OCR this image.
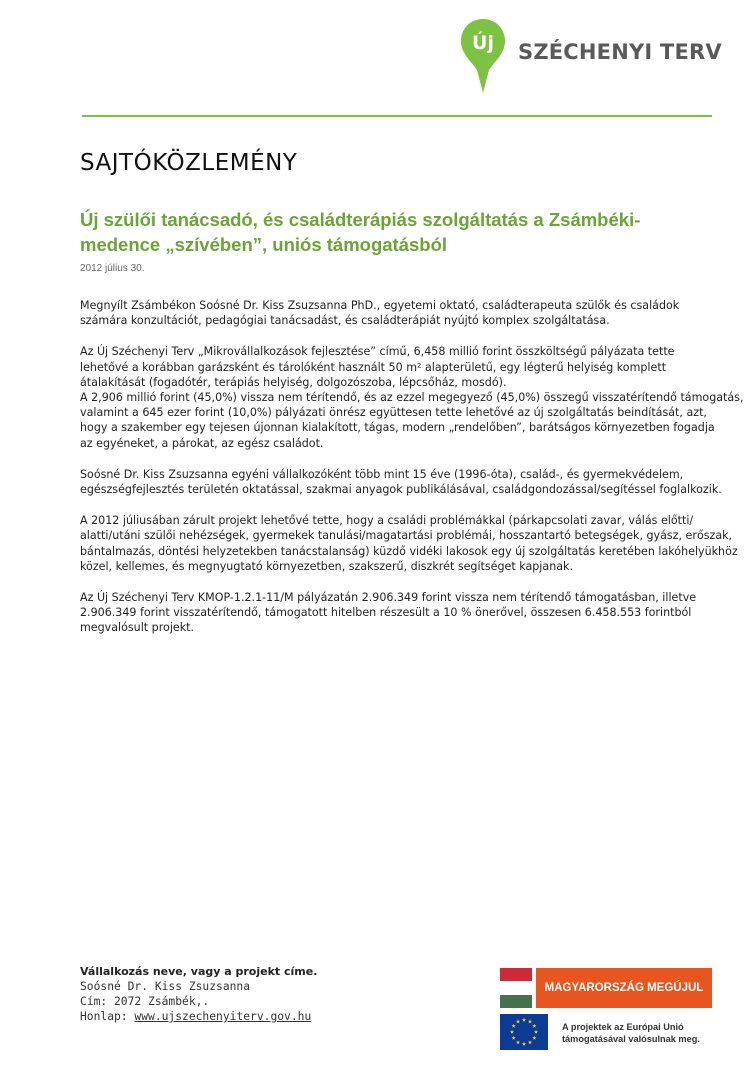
Új SZÉCHENYI TERV
SAJTÓKÖZLEMÉNY
Új szülői tanácsadó, és családterápiás szolgáltatás a Zsámbéki-
medence „szívében”, uniós támogatásból
2012 július 30.

Megnyílt Zsámbékon Soósné Dr. Kiss Zsuzsanna PhD., egyetemi oktató, családterapeuta szülők és családok
számára konzultációt, pedagógiai tanácsadást, és családterápiát nyújtó komplex szolgáltatása.

Az Új Széchenyi Terv „Mikrovállalkozások fejlesztése” című, 6,458 millió forint összköltségű pályázata tette
lehetővé a korábban garázsként és tárolóként használt 50 m² alapterületű, egy légterű helyiség komplett
átalakítását (fogadótér, terápiás helyiség, dolgozószoba, lépcsőház, mosdó).
A 2,906 millió forint (45,0%) vissza nem térítendő, és az ezzel megegyező (45,0%) összegű visszatérítendő támogatás,
valamint a 645 ezer forint (10,0%) pályázati önrész együttesen tette lehetővé az új szolgáltatás beindítását, azt,
hogy a szakember egy tejesen újonnan kialakított, tágas, modern „rendelőben”, barátságos környezetben fogadja
az egyéneket, a párokat, az egész családot.

Soósné Dr. Kiss Zsuzsanna egyéni vállalkozóként több mint 15 éve (1996-óta), család-, és gyermekvédelem,
egészségfejlesztés területén oktatással, szakmai anyagok publikálásával, családgondozással/segítéssel foglalkozik.

A 2012 júliusában zárult projekt lehetővé tette, hogy a családi problémákkal (párkapcsolati zavar, válás előtti/
alatti/utáni szülői nehézségek, gyermekek tanulási/magatartási problémái, hosszantartó betegségek, gyász, erőszak,
bántalmazás, döntési helyzetekben tanácstalanság) küzdő vidéki lakosok egy új szolgáltatás keretében lakóhelyükhöz
közel, kellemes, és megnyugtató környezetben, szakszerű, diszkrét segítséget kapjanak.

Az Új Széchenyi Terv KMOP-1.2.1-11/M pályázatán 2.906.349 forint vissza nem térítendő támogatásban, illetve
2.906.349 forint visszatérítendő, támogatott hitelben részesült a 10 % önerővel, összesen 6.458.553 forintból
megvalósult projekt.

Vállalkozás neve, vagy a projekt címe.
Soósné Dr. Kiss Zsuzsanna
Cím: 2072 Zsámbék,.
Honlap: www.ujszechenyiterv.gov.hu
MAGYARORSZÁG MEGÚJUL
A projektek az Európai Unió
támogatásával valósulnak meg.
